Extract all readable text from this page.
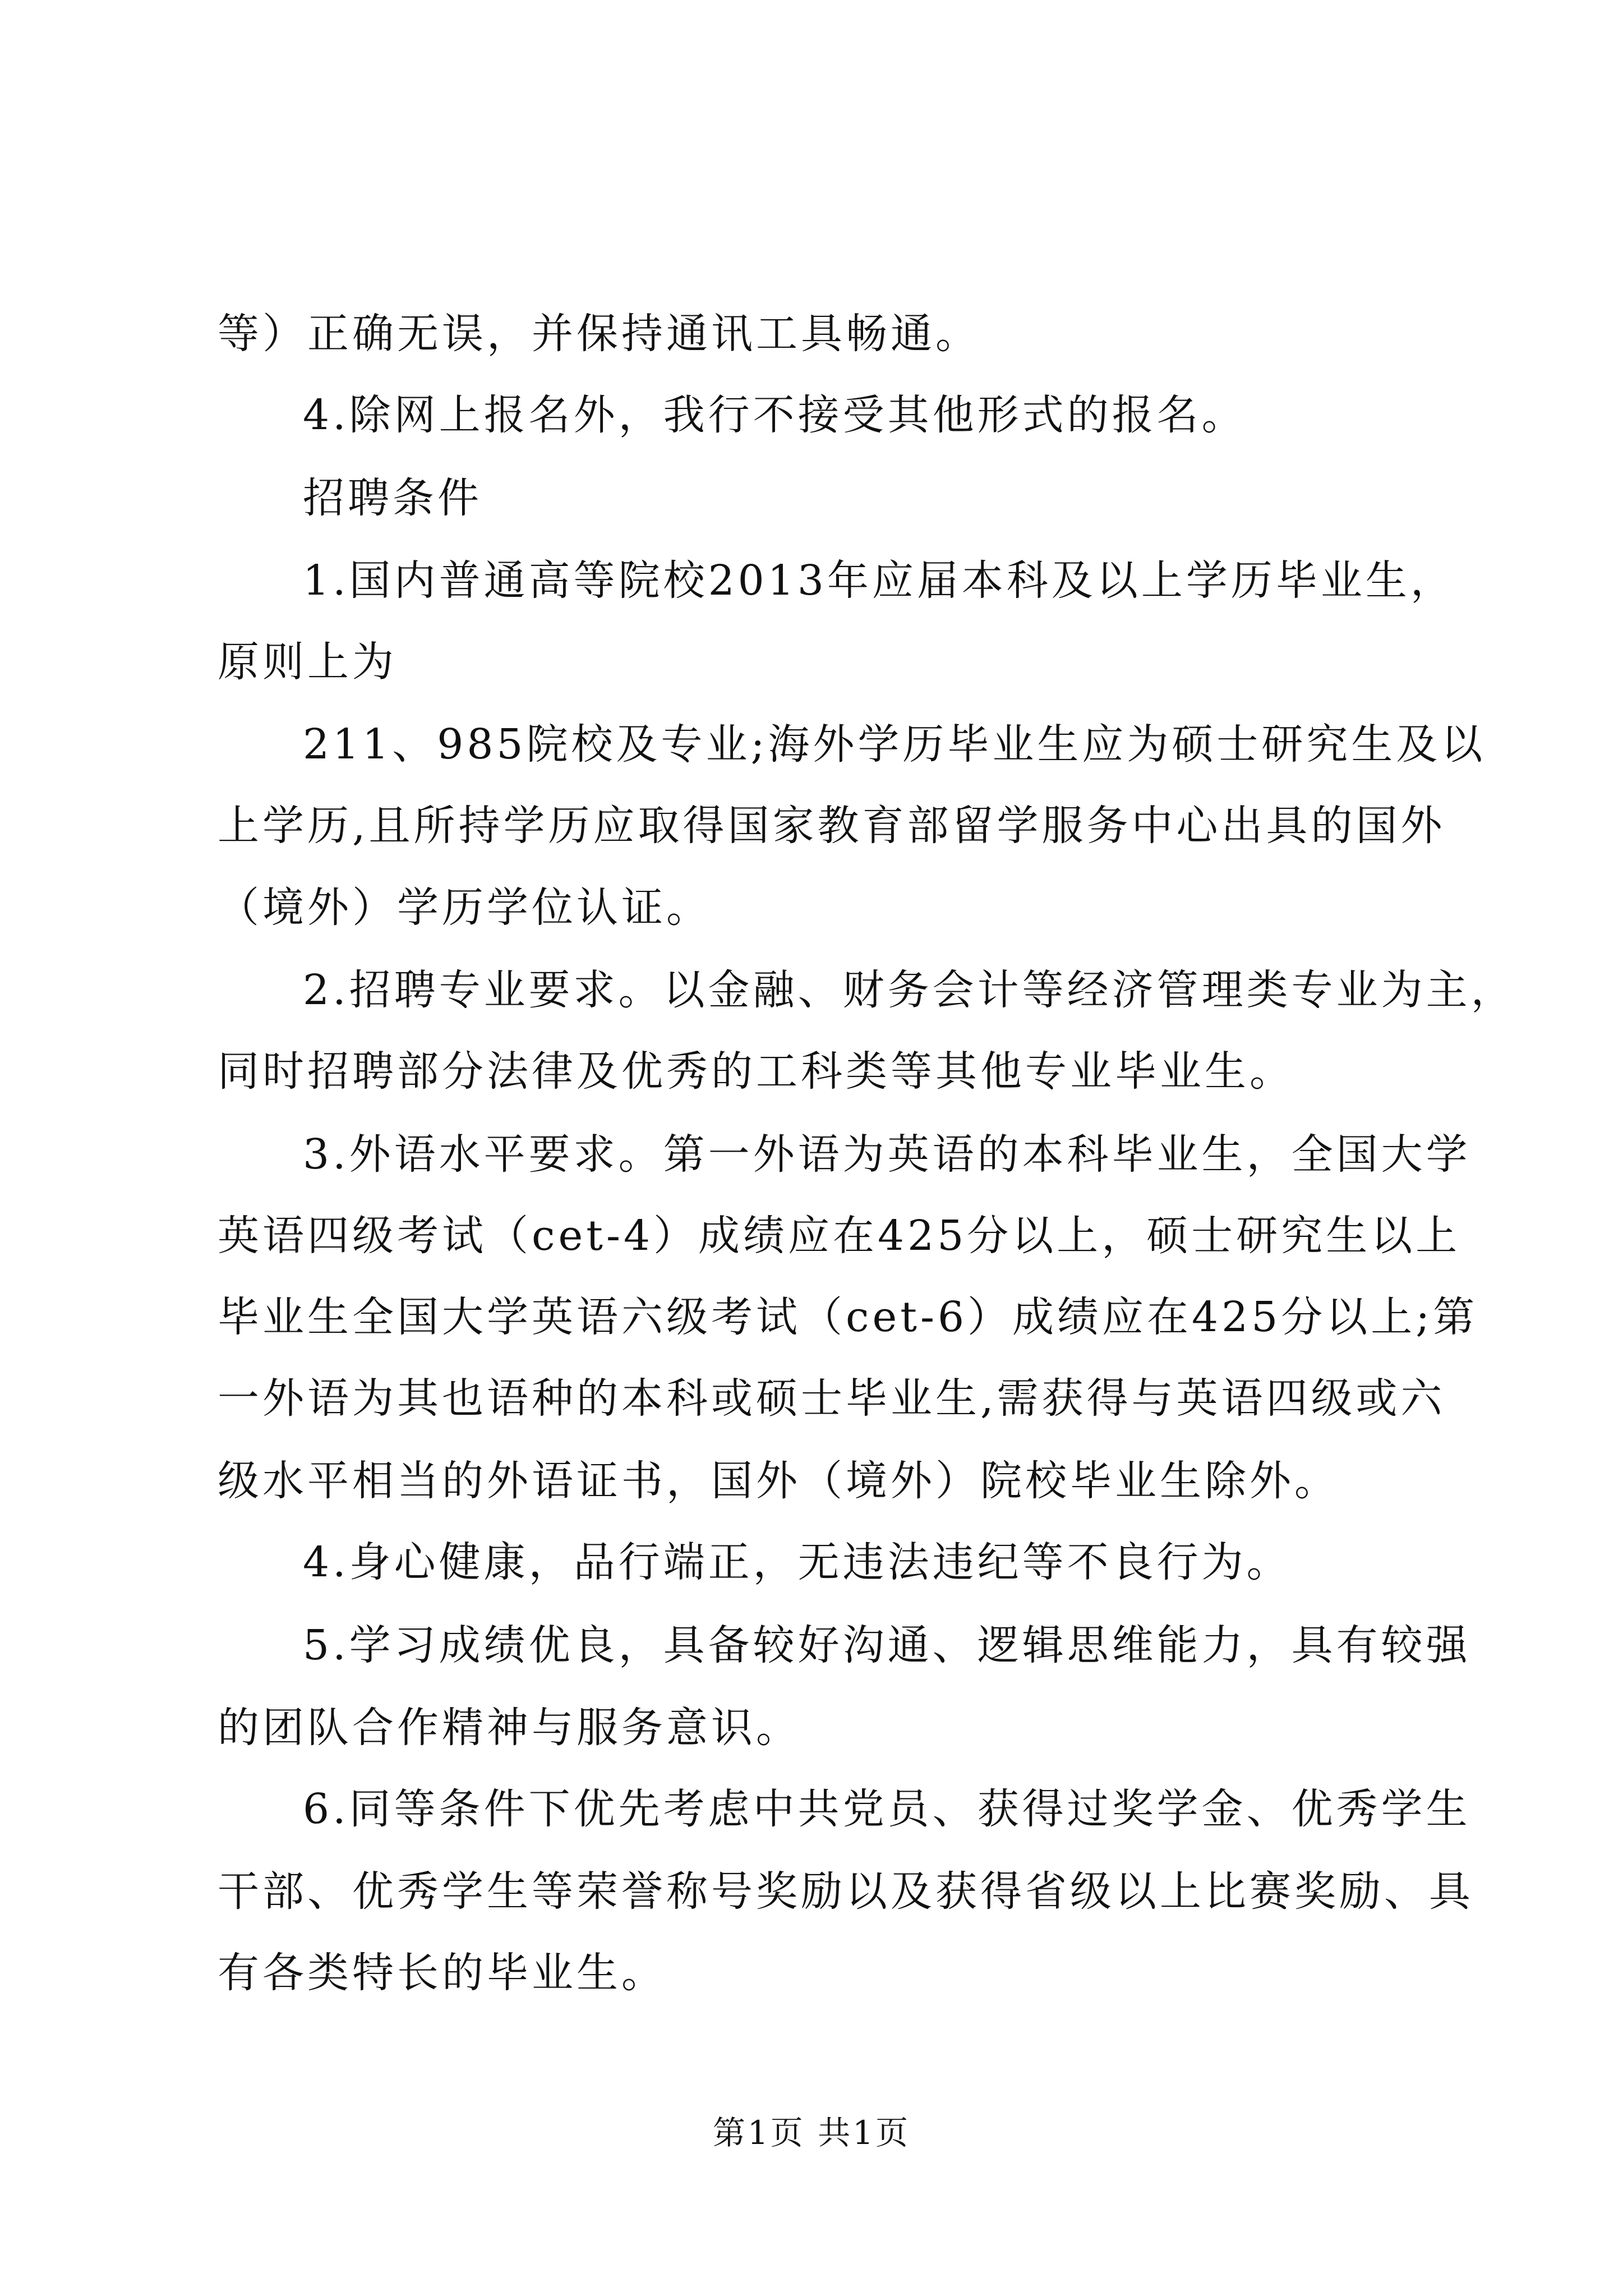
等）正确无误，并保持通讯工具畅通。
4.除网上报名外，我行不接受其他形式的报名。
招聘条件
1.国内普通高等院校2013年应届本科及以上学历毕业生，
原则上为
211、985院校及专业;海外学历毕业生应为硕士研究生及以
上学历,且所持学历应取得国家教育部留学服务中心出具的国外
（境外）学历学位认证。
2.招聘专业要求。以金融、财务会计等经济管理类专业为主，
同时招聘部分法律及优秀的工科类等其他专业毕业生。
3.外语水平要求。第一外语为英语的本科毕业生，全国大学
英语四级考试（cet-4）成绩应在425分以上，硕士研究生以上
毕业生全国大学英语六级考试（cet-6）成绩应在425分以上;第
一外语为其也语种的本科或硕士毕业生,需获得与英语四级或六
级水平相当的外语证书，国外（境外）院校毕业生除外。
4.身心健康，品行端正，无违法违纪等不良行为。
5.学习成绩优良，具备较好沟通、逻辑思维能力，具有较强
的团队合作精神与服务意识。
6.同等条件下优先考虑中共党员、获得过奖学金、优秀学生
干部、优秀学生等荣誉称号奖励以及获得省级以上比赛奖励、具
有各类特长的毕业生。
第1页 共1页
